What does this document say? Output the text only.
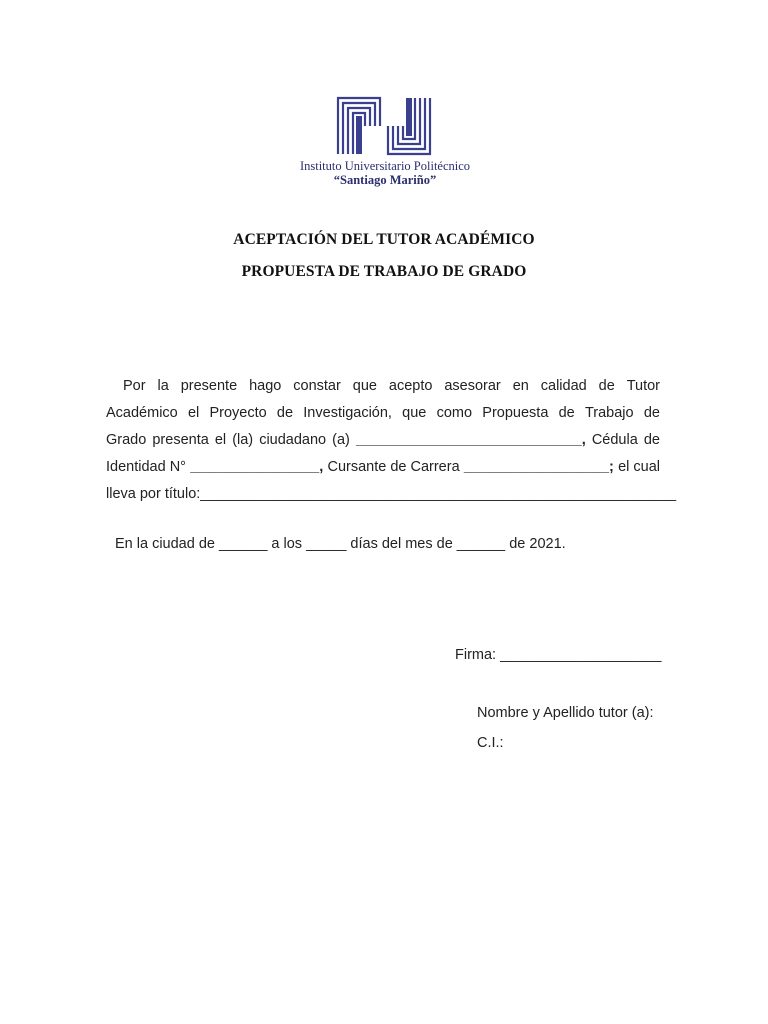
Instituto Universitario Politécnico
“Santiago Mariño”
ACEPTACIÓN DEL TUTOR ACADÉMICO
PROPUESTA DE TRABAJO DE GRADO
Por la presente hago constar que acepto asesorar en calidad de Tutor
Académico el Proyecto de Investigación, que como Propuesta de Trabajo de
Grado presenta el (la) ciudadano (a) ____________________________, Cédula de
Identidad N° ________________, Cursante de Carrera __________________; el cual
lleva por título:___________________________________________________________
En la ciudad de ______ a los _____ días del mes de ______ de 2021.
Firma: ____________________
Nombre y Apellido tutor (a):
C.I.:
